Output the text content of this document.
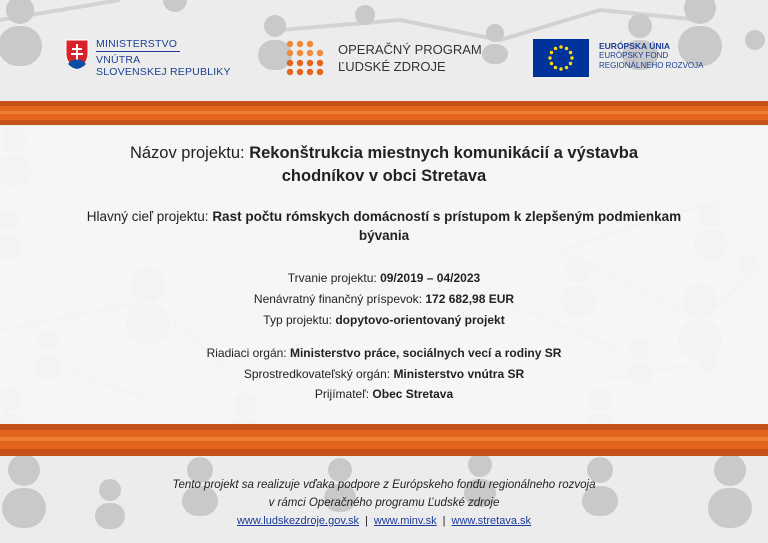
MINISTERSTVO
VNÚTRA
SLOVENSKEJ REPUBLIKY
OPERAČNÝ PROGRAM
ĽUDSKÉ ZDROJE
EURÓPSKA ÚNIA
EURÓPSKY FOND
REGIONÁLNEHO ROZVOJA
Názov projektu: Rekonštrukcia miestnych komunikácií a výstavba
chodníkov v obci Stretava
Hlavný cieľ projektu: Rast počtu rómskych domácností s prístupom k zlepšeným podmienkam
bývania
Trvanie projektu: 09/2019 – 04/2023
Nenávratný finančný príspevok: 172 682,98 EUR
Typ projektu: dopytovo-orientovaný projekt
Riadiaci orgán: Ministerstvo práce, sociálnych vecí a rodiny SR
Sprostredkovateľský orgán: Ministerstvo vnútra SR
Prijímateľ: Obec Stretava
Tento projekt sa realizuje vďaka podpore z Európskeho fondu regionálneho rozvoja
v rámci Operačného programu Ľudské zdroje
www.ludskezdroje.gov.sk | www.minv.sk | www.stretava.sk
